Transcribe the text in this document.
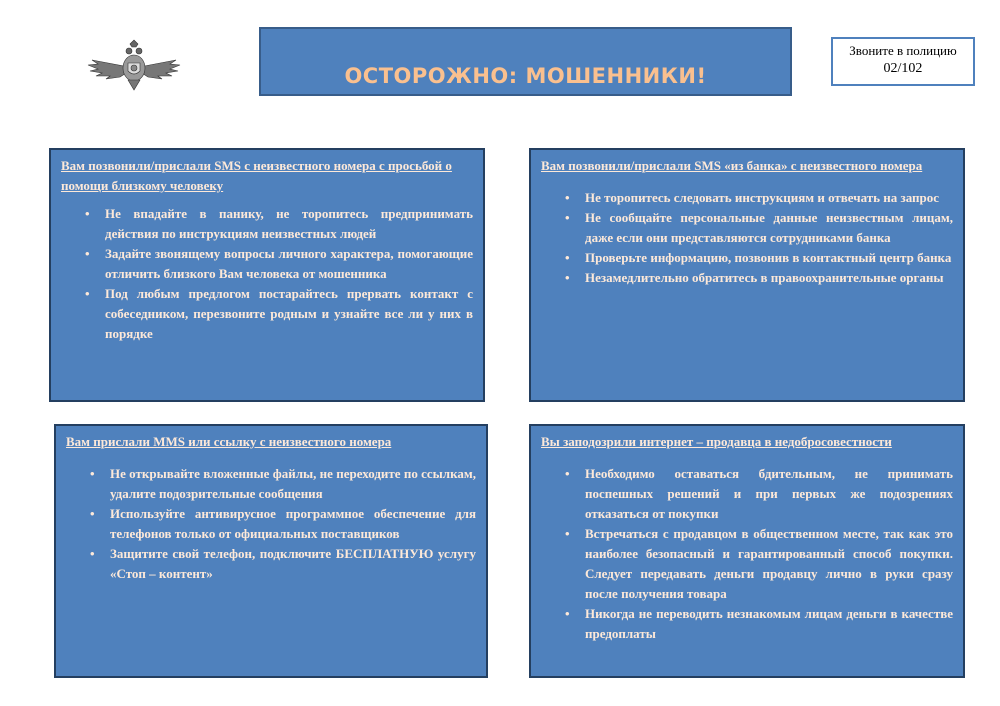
ОСТОРОЖНО: МОШЕННИКИ!
Звоните в полицию
02/102
Вам позвонили/прислали SMS с неизвестного номера с просьбой о помощи близкому человеку
• Не впадайте в панику, не торопитесь предпринимать действия по инструкциям неизвестных людей
• Задайте звонящему вопросы личного характера, помогающие отличить близкого Вам человека от мошенника
• Под любым предлогом постарайтесь прервать контакт с собеседником, перезвоните родным и узнайте все ли у них в порядке
Вам позвонили/прислали SMS «из банка» с неизвестного номера
• Не торопитесь следовать инструкциям и отвечать на запрос
• Не сообщайте персональные данные неизвестным лицам, даже если они представляются сотрудниками банка
• Проверьте информацию, позвонив в контактный центр банка
• Незамедлительно обратитесь в правоохранительные органы
Вам прислали MMS или ссылку с неизвестного номера
• Не открывайте вложенные файлы, не переходите по ссылкам, удалите подозрительные сообщения
• Используйте антивирусное программное обеспечение для телефонов только от официальных поставщиков
• Защитите свой телефон, подключите БЕСПЛАТНУЮ услугу «Стоп – контент»
Вы заподозрили интернет – продавца в недобросовестности
• Необходимо оставаться бдительным, не принимать поспешных решений и при первых же подозрениях отказаться от покупки
• Встречаться с продавцом в общественном месте, так как это наиболее безопасный и гарантированный способ покупки. Следует передавать деньги продавцу лично в руки сразу после получения товара
• Никогда не переводить незнакомым лицам деньги в качестве предоплаты
